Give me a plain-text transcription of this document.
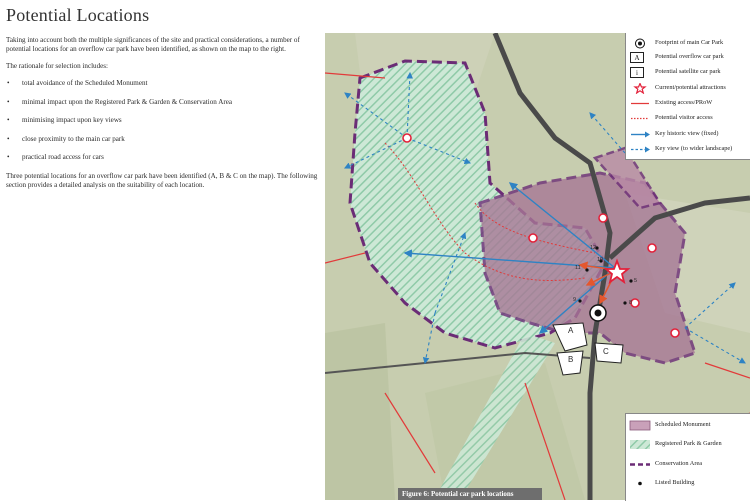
Potential Locations

Taking into account both the multiple significances of the site and practical considerations, a number of potential locations for an overflow car park have been identified, as shown on the map to the right.

The rationale for selection includes:

• total avoidance of the Scheduled Monument
• minimal impact upon the Registered Park & Garden & Conservation Area
• minimising impact upon key views
• close proximity to the main car park
• practical road access for cars

Three potential locations for an overflow car park have been identified (A, B & C on the map). The following section provides a detailed analysis on the suitability of each location.

A
B
C
12
10
11
5
8
9
Footprint of main Car Park
A	Potential overflow car park
i	Potential satellite car park
Current/potential attractions
Existing access/PRoW
Potential visitor access
Key historic view (fixed)
Key view (to wider landscape)
Scheduled Monument
Registered Park & Garden
Conservation Area
Listed Building
Figure 6: Potential car park locations
